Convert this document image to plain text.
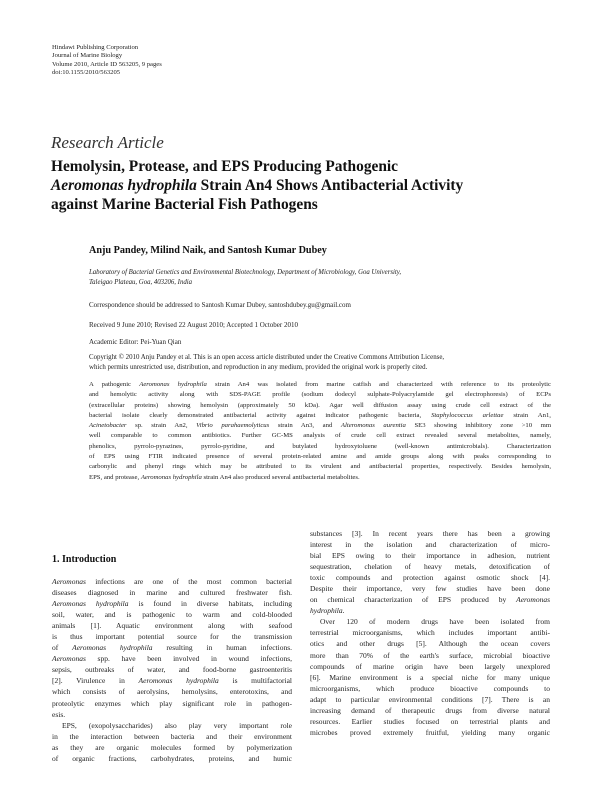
Hindawi Publishing Corporation
Journal of Marine Biology
Volume 2010, Article ID 563205, 9 pages
doi:10.1155/2010/563205
Research Article
Hemolysin, Protease, and EPS Producing Pathogenic
Aeromonas hydrophila Strain An4 Shows Antibacterial Activity
against Marine Bacterial Fish Pathogens
Anju Pandey, Milind Naik, and Santosh Kumar Dubey
Laboratory of Bacterial Genetics and Environmental Biotechnology, Department of Microbiology, Goa University,
Taleigao Plateau, Goa, 403206, India
Correspondence should be addressed to Santosh Kumar Dubey, santoshdubey.gu@gmail.com
Received 9 June 2010; Revised 22 August 2010; Accepted 1 October 2010
Academic Editor: Pei-Yuan Qian
Copyright © 2010 Anju Pandey et al. This is an open access article distributed under the Creative Commons Attribution License,
which permits unrestricted use, distribution, and reproduction in any medium, provided the original work is properly cited.
A pathogenic Aeromonas hydrophila strain An4 was isolated from marine catfish and characterized with reference to its proteolytic
and hemolytic activity along with SDS-PAGE profile (sodium dodecyl sulphate-Polyacrylamide gel electrophoresis) of ECPs
(extracellular proteins) showing hemolysin (approximately 50 kDa). Agar well diffusion assay using crude cell extract of the
bacterial isolate clearly demonstrated antibacterial activity against indicator pathogenic bacteria, Staphylococcus arlettae strain An1,
Acinetobacter sp. strain An2, Vibrio parahaemolyticus strain An3, and Alteromonas aurentia SE3 showing inhibitory zone >10 mm
well comparable to common antibiotics. Further GC-MS analysis of crude cell extract revealed several metabolites, namely,
phenolics, pyrrolo-pyrazines, pyrrolo-pyridine, and butylated hydroxytoluene (well-known antimicrobials). Characterization
of EPS using FTIR indicated presence of several protein-related amine and amide groups along with peaks corresponding to
carbonylic and phenyl rings which may be attributed to its virulent and antibacterial properties, respectively. Besides hemolysin,
EPS, and protease, Aeromonas hydrophila strain An4 also produced several antibacterial metabolites.
1. Introduction
Aeromonas infections are one of the most common bacterial
diseases diagnosed in marine and cultured freshwater fish.
Aeromonas hydrophila is found in diverse habitats, including
soil, water, and is pathogenic to warm and cold-blooded
animals [1]. Aquatic environment along with seafood
is thus important potential source for the transmission
of Aeromonas hydrophila resulting in human infections.
Aeromonas spp. have been involved in wound infections,
sepsis, outbreaks of water, and food-borne gastroenteritis
[2]. Virulence in Aeromonas hydrophila is multifactorial
which consists of aerolysins, hemolysins, enterotoxins, and
proteolytic enzymes which play significant role in pathogen-
esis.
EPS, (exopolysaccharides) also play very important role
in the interaction between bacteria and their environment
as they are organic molecules formed by polymerization
of organic fractions, carbohydrates, proteins, and humic
substances [3]. In recent years there has been a growing
interest in the isolation and characterization of micro-
bial EPS owing to their importance in adhesion, nutrient
sequestration, chelation of heavy metals, detoxification of
toxic compounds and protection against osmotic shock [4].
Despite their importance, very few studies have been done
on chemical characterization of EPS produced by Aeromonas
hydrophila.
Over 120 of modern drugs have been isolated from
terrestrial microorganisms, which includes important antibi-
otics and other drugs [5]. Although the ocean covers
more than 70% of the earth's surface, microbial bioactive
compounds of marine origin have been largely unexplored
[6]. Marine environment is a special niche for many unique
microorganisms, which produce bioactive compounds to
adapt to particular environmental conditions [7]. There is an
increasing demand of therapeutic drugs from diverse natural
resources. Earlier studies focused on terrestrial plants and
microbes proved extremely fruitful, yielding many organic
